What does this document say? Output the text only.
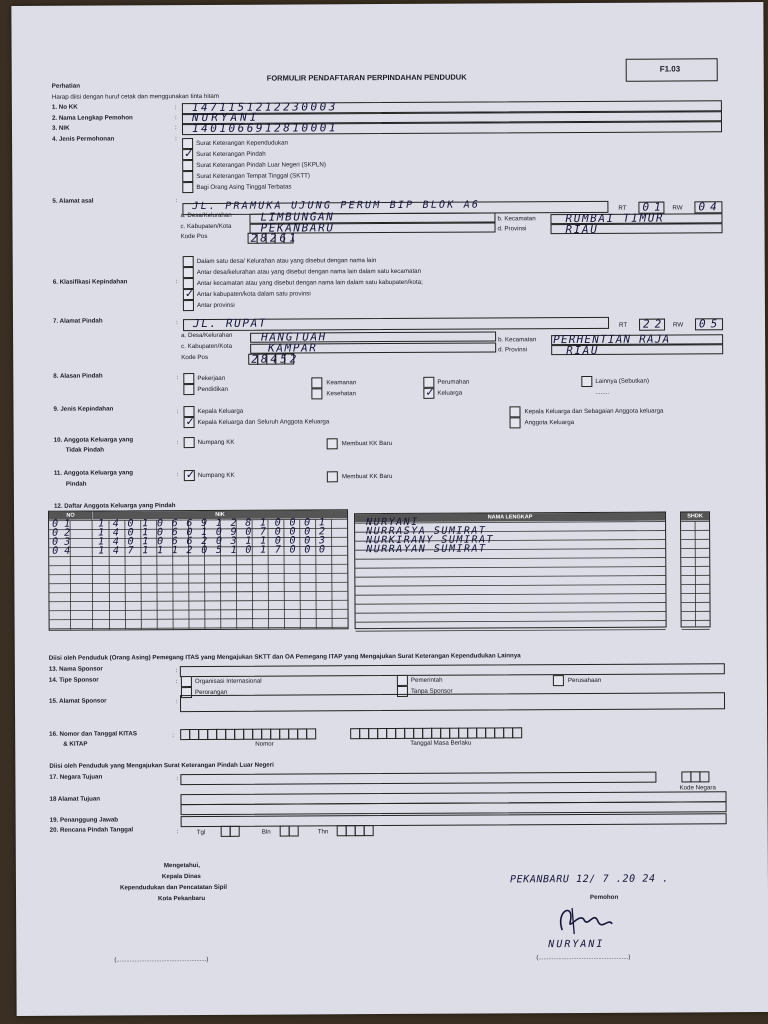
F1.03
FORMULIR PENDAFTARAN PERPINDAHAN PENDUDUK
Perhatian
Harap diisi dengan huruf cetak dan menggunakan tinta hitam
1. No KK
2. Nama Lengkap Pemohon
3. NIK
4. Jenis Permohonan
:
:
:
:
1471151212230003
NURYANI
1401066912810001
Surat Keterangan Kependudukan
✓
Surat Keterangan Pindah
Surat Keterangan Pindah Luar Negeri (SKPLN)
Surat Keterangan Tempat Tinggal (SKTT)
Bagi Orang Asing Tinggal Terbatas
5. Alamat asal	: JL. PRAMUKA UJUNG PERUM BIP BLOK A6	RT 01 RW 04
a. Desa/Kelurahan	LIMBUNGAN	b. Kecamatan	RUMBAI TIMUR
c. Kabupaten/Kota	PEKANBARU	d. Provinsi	RIAU
Kode Pos	28261
6. Klasifikasi Kepindahan	:
Dalam satu desa/ Kelurahan atau yang disebut dengan nama lain
Antar desa/kelurahan atau yang disebut dengan nama lain dalam satu kecamatan
Antar kecamatan atau yang disebut dengan nama lain dalam satu kabupaten/kota;
✓
Antar kabupaten/kota dalam satu provinsi
Antar provinsi
7. Alamat Pindah	: JL. RUPAT	RT 22 RW 05
a. Desa/Kelurahan	HANGTUAH	b. Kecamatan PERHENTIAN RAJA
c. Kabupaten/Kota	KAMPAR	d. Provinsi	RIAU
Kode Pos	28452
8. Alasan Pindah	:	Pekerjaan
Pendidikan
Keamanan
Kesehatan
Perumahan
✓
Keluarga
Lainnya (Sebutkan)
........
9. Jenis Kepindahan	:	Kepala Keluarga
✓
Kepala Keluarga dan Seluruh Anggota Keluarga
Kepala Keluarga dan Sebagaian Anggota keluarga
Anggota Keluarga
10. Anggota Keluarga yang
Tidak Pindah
:	Numpang KK	Membuat KK Baru
11. Anggota Keluarga yang
Pindah
:
✓	Numpang KK	Membuat KK Baru
12. Daftar Anggota Keluarga yang Pindah
NO	NIK	NAMA LENGKAP	SHDK
01 1401066912810001	NURYANI
02 1401060109070002	NURRASYA SUMIRAT
03 1401066203110003	NURKIRANY SUMIRAT
04 1471112051017000	NURRAYAN SUMIRAT
Diisi oleh Penduduk (Orang Asing) Pemegang ITAS yang Mengajukan SKTT dan OA Pemegang ITAP yang Mengajukan Surat Keterangan Kependudukan Lainnya
13. Nama Sponsor	:
14. Tipe Sponsor	:	Organisasi Internasional
Perorangan
Pemerintah
Tanpa Sponsor
Perusahaan
15. Alamat Sponsor	:
16. Nomor dan Tanggal KITAS
& KITAP
:
Nomor	Tanggal Masa Berlaku
Diisi oleh Penduduk yang Mengajukan Surat Keterangan Pindah Luar Negeri
17. Negara Tujuan	:
Kode Negara
18 Alamat Tujuan
19. Penanggung Jawab
20. Rencana Pindah Tanggal	:	Tgl	Bln	Thn
Mengetahui,
Kepala Dinas
Kependudukan dan Pencatatan Sipil
Kota Pekanbaru
(......................................................)
PEKANBARU 12/ 7 .20 24 .
Pemohon
NURYANI
(......................................................)
